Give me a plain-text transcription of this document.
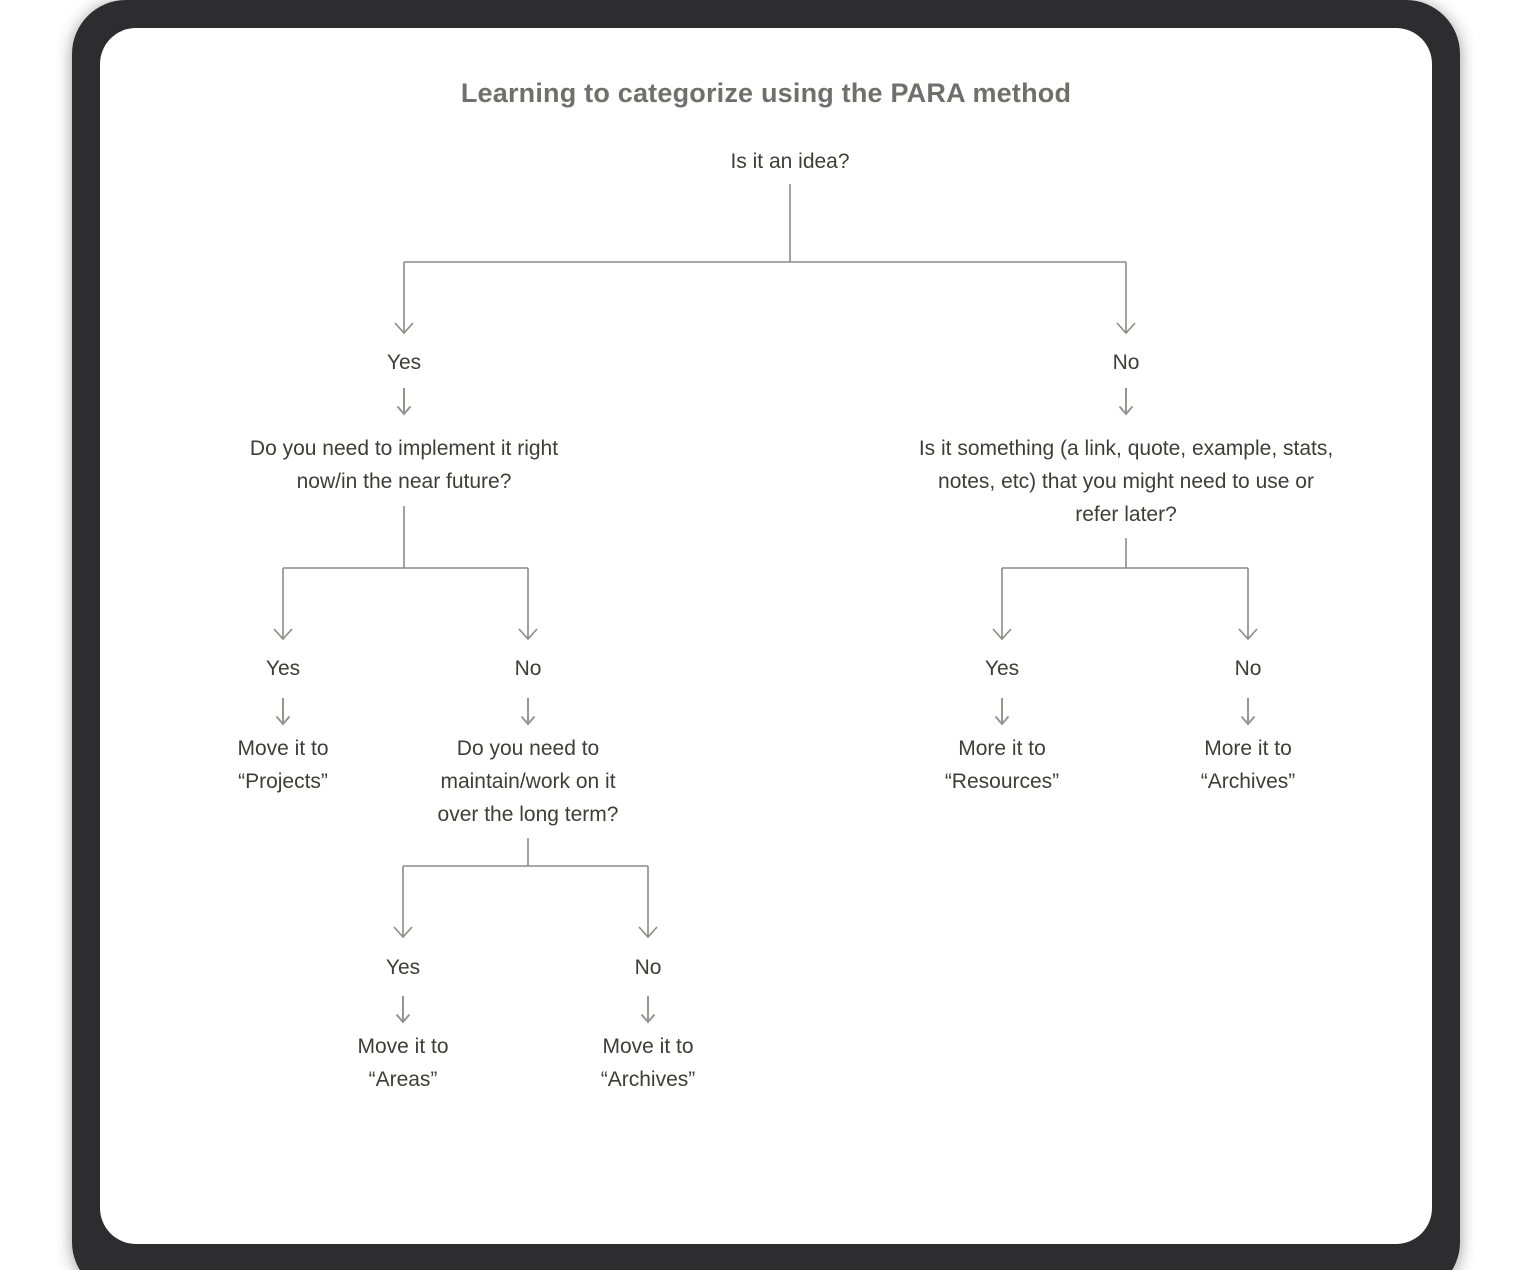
Learning to categorize using the PARA method
Is it an idea?
Yes	No
Do you need to implement it right
now/in the near future?
Is it something (a link, quote, example, stats,
notes, etc) that you might need to use or
refer later?
Yes	No	Yes	No
Move it to
“Projects”
Do you need to
maintain/work on it
over the long term?
More it to
“Resources”
More it to
“Archives”
Yes	No
Move it to
“Areas”
Move it to
“Archives”
